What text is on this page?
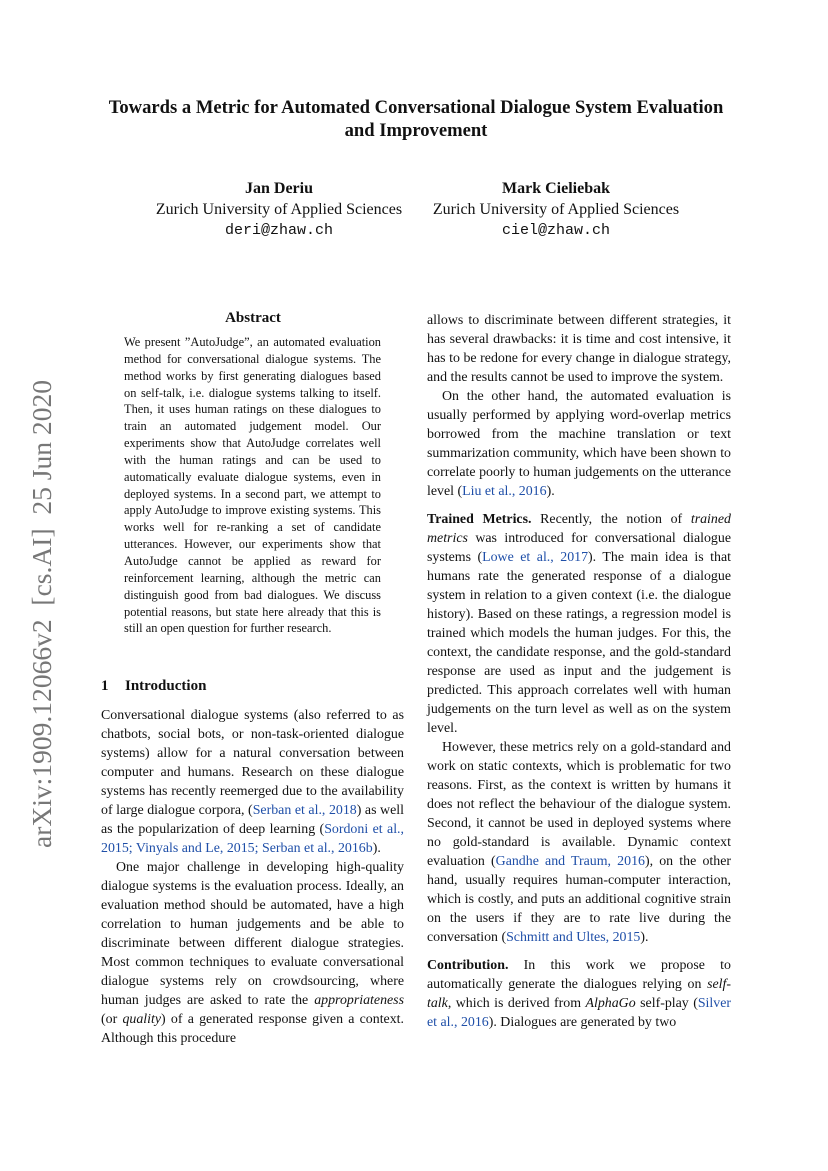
arXiv:1909.12066v2  [cs.AI]  25 Jun 2020
Towards a Metric for Automated Conversational Dialogue System Evaluation and Improvement
Jan Deriu
Zurich University of Applied Sciences
deri@zhaw.ch
Mark Cieliebak
Zurich University of Applied Sciences
ciel@zhaw.ch
Abstract
We present ”AutoJudge”, an automated evaluation method for conversational dialogue systems. The method works by first generating dialogues based on self-talk, i.e. dialogue systems talking to itself. Then, it uses human ratings on these dialogues to train an automated judgement model. Our experiments show that AutoJudge correlates well with the human ratings and can be used to automatically evaluate dialogue systems, even in deployed systems. In a second part, we attempt to apply AutoJudge to improve existing systems. This works well for re-ranking a set of candidate utterances. However, our experiments show that AutoJudge cannot be applied as reward for reinforcement learning, although the metric can distinguish good from bad dialogues. We discuss potential reasons, but state here already that this is still an open question for further research.
1 Introduction

Conversational dialogue systems (also referred to as chatbots, social bots, or non-task-oriented dialogue systems) allow for a natural conversation between computer and humans. Research on these dialogue systems has recently reemerged due to the availability of large dialogue corpora, (Serban et al., 2018) as well as the popularization of deep learning (Sordoni et al., 2015; Vinyals and Le, 2015; Serban et al., 2016b).

One major challenge in developing high-quality dialogue systems is the evaluation process. Ideally, an evaluation method should be automated, have a high correlation to human judgements and be able to discriminate between different dialogue strategies. Most common techniques to evaluate conversational dialogue systems rely on crowdsourcing, where human judges are asked to rate the appropriateness (or quality) of a generated response given a context. Although this procedure

allows to discriminate between different strategies, it has several drawbacks: it is time and cost intensive, it has to be redone for every change in dialogue strategy, and the results cannot be used to improve the system.

On the other hand, the automated evaluation is usually performed by applying word-overlap metrics borrowed from the machine translation or text summarization community, which have been shown to correlate poorly to human judgements on the utterance level (Liu et al., 2016).

Trained Metrics. Recently, the notion of trained metrics was introduced for conversational dialogue systems (Lowe et al., 2017). The main idea is that humans rate the generated response of a dialogue system in relation to a given context (i.e. the dialogue history). Based on these ratings, a regression model is trained which models the human judges. For this, the context, the candidate response, and the gold-standard response are used as input and the judgement is predicted. This approach correlates well with human judgements on the turn level as well as on the system level.

However, these metrics rely on a gold-standard and work on static contexts, which is problematic for two reasons. First, as the context is written by humans it does not reflect the behaviour of the dialogue system. Second, it cannot be used in deployed systems where no gold-standard is available. Dynamic context evaluation (Gandhe and Traum, 2016), on the other hand, usually requires human-computer interaction, which is costly, and puts an additional cognitive strain on the users if they are to rate live during the conversation (Schmitt and Ultes, 2015).

Contribution. In this work we propose to automatically generate the dialogues relying on self-talk, which is derived from AlphaGo self-play (Silver et al., 2016). Dialogues are generated by two
